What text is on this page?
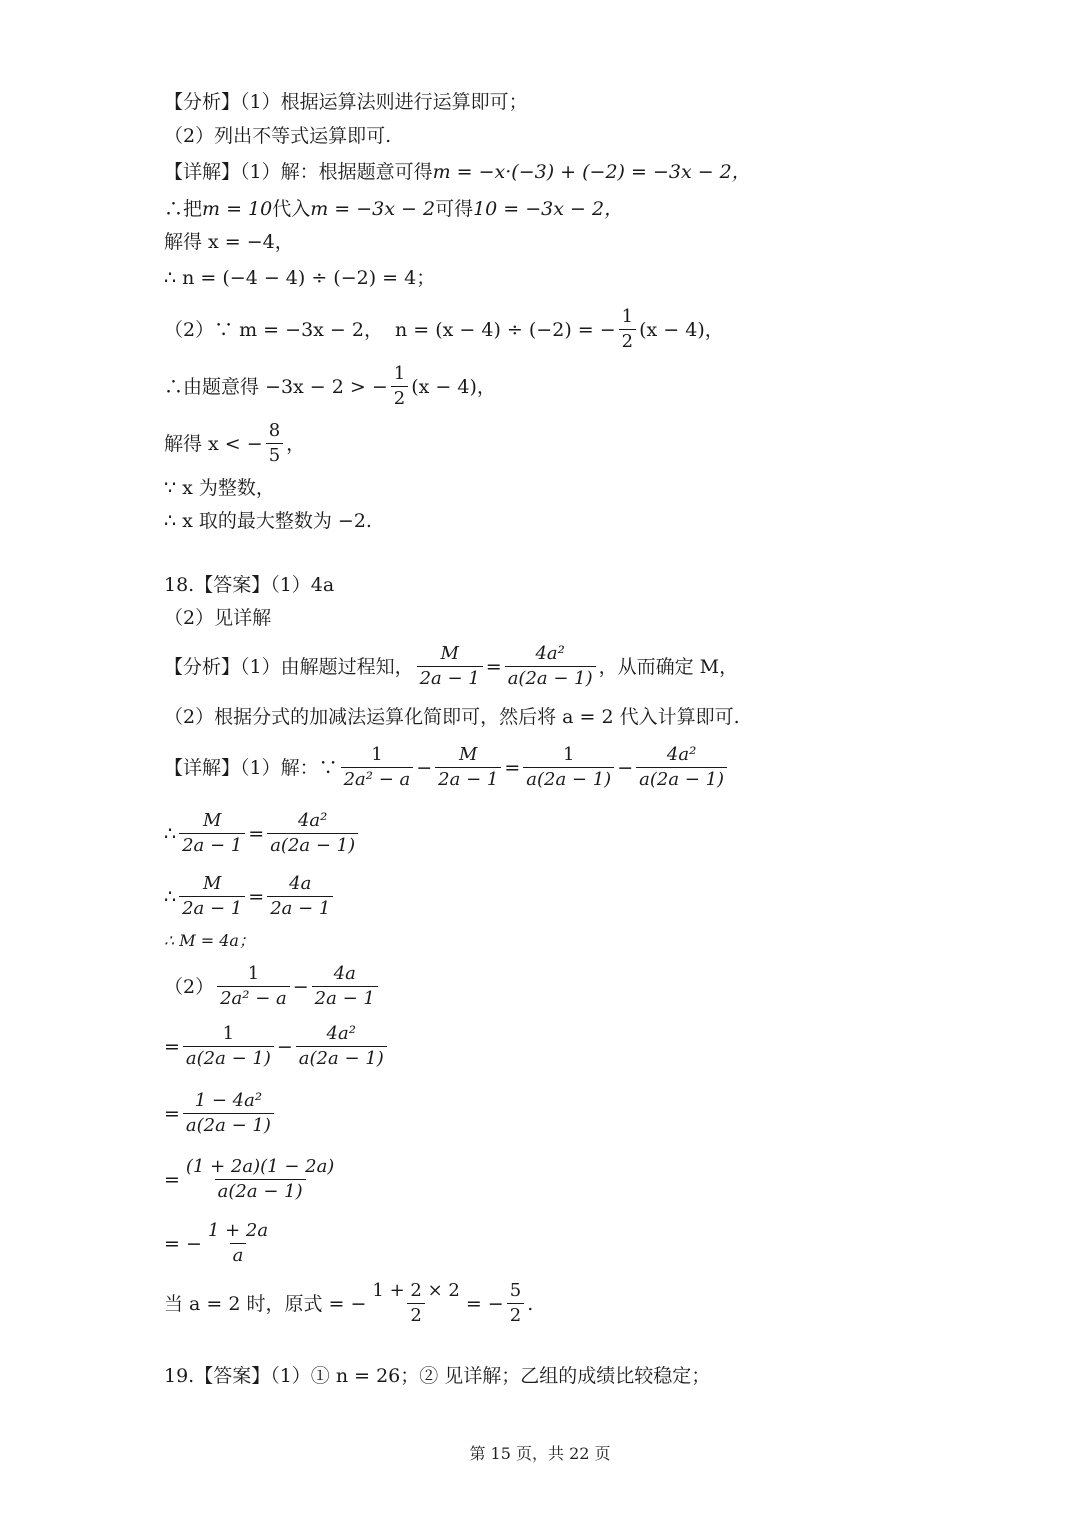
【分析】（1）根据运算法则进行运算即可；
（2）列出不等式运算即可.
【详解】（1）解：根据题意可得 m = −x·(−3) + (−2) = −3x − 2，
∴把 m = 10 代入 m = −3x − 2 可得 10 = −3x − 2，
解得 x = −4，
∴ n = (−4 − 4) ÷ (−2) = 4；
（2）∵ m = −3x − 2，  n = (x − 4) ÷ (−2) = − $\frac{1}{2} (x - 4)$，
∴由题意得 −3x − 2 > − $\frac{1}{2} (x - 4)$，
解得 x < − $\frac{8}{5}$ ，
∵ x 为整数，
∴ x 取的最大整数为 −2.
18.【答案】（1）4a
（2）见详解
【分析】（1）由解题过程知， $\frac{M}{2a - 1} = \frac{\text{4a²}}{a(2a - 1)}$ ，从而确定 M，
（2）根据分式的加减法运算化简即可，然后将 a = 2 代入计算即可.
【详解】（1）解：∵ $\frac{1}{\text{2a² − a}} - \frac{M}{2a - 1} = \frac{1}{a(2a - 1)} - \frac{\text{4a²}}{a(2a - 1)}$
∴ $\frac{M}{2a - 1} = \frac{\text{4a²}}{a(2a - 1)}$
∴ $\frac{M}{2a - 1} = \frac{4a}{2a - 1}$
∴ M = 4a；
$(2) \frac{1}{\text{2a² − a}} - \frac{4a}{2a - 1}$
= $\frac{1}{a(2a - 1)} - \frac{\text{4a²}}{a(2a - 1)}$
= $\frac{\text{1 − 4a²}}{a(2a - 1)}$
= $\frac{(1 + 2a)(1 - 2a)}{a(2a - 1)}$
= − $\frac{1 + 2a}{a}$
当 a = 2 时，原式 = − $\frac{1 + 2 \times 2}{2}$ = − $\frac{5}{2}$ .
19.【答案】（1）① n = 26；② 见详解；乙组的成绩比较稳定；
第 15 页，共 22 页
